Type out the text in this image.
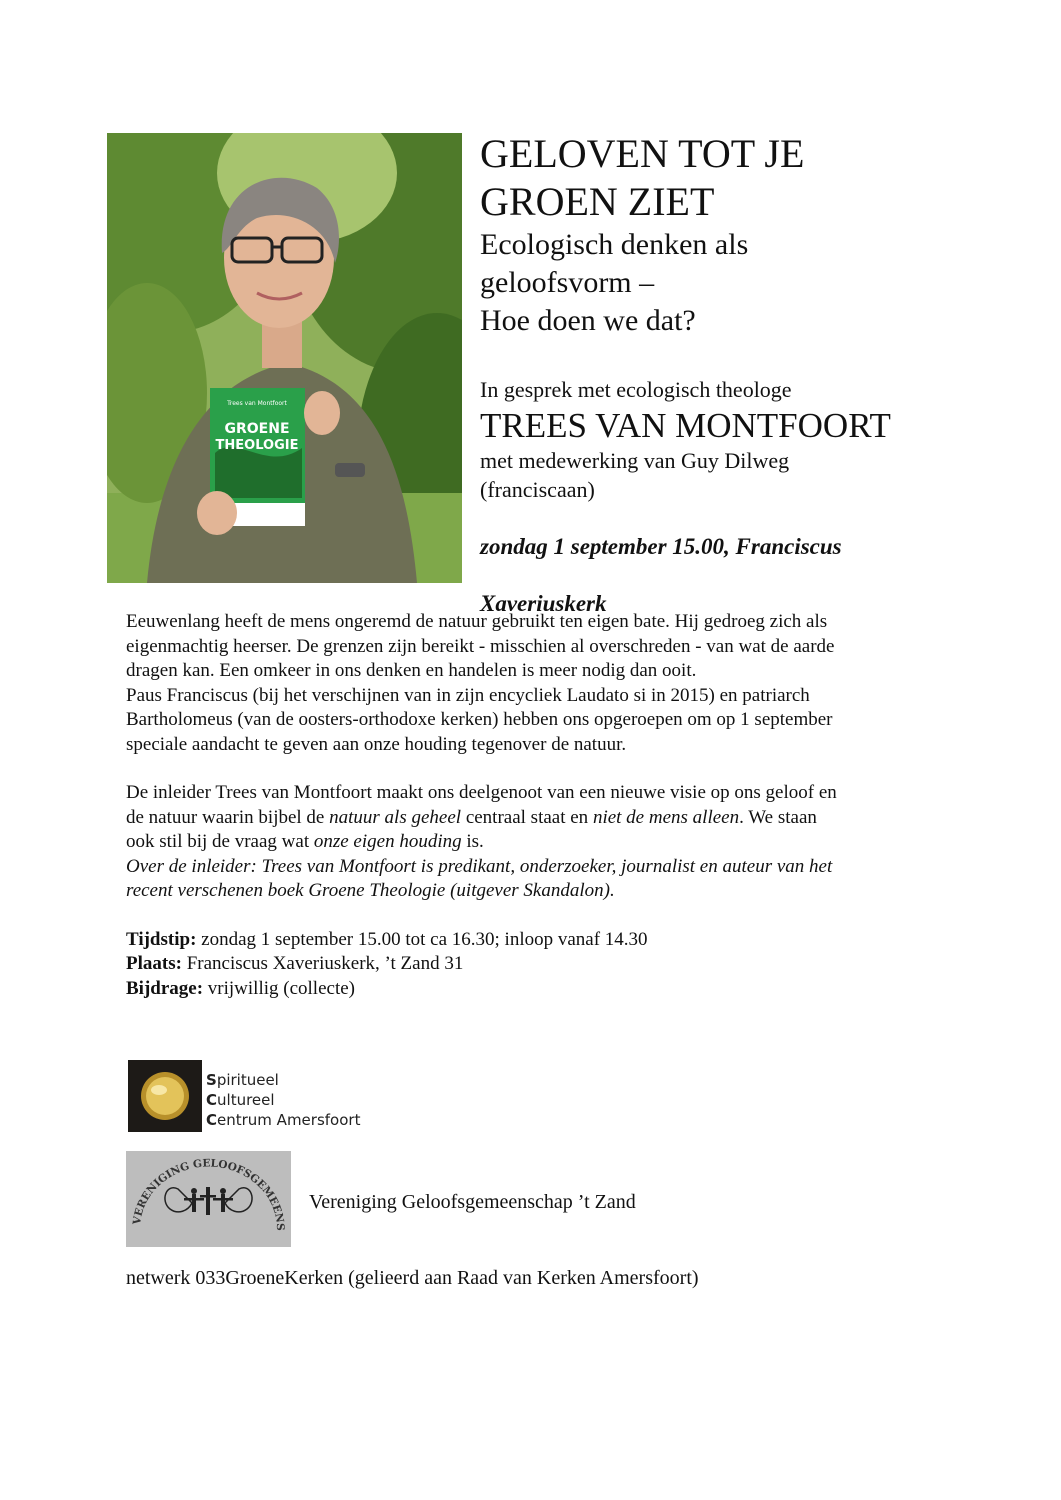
GROENE
THEOLOGIE
Trees van Montfoort
GELOVEN TOT JE
GROEN ZIET
Ecologisch denken als
geloofsvorm –
Hoe doen we dat?
In gesprek met ecologisch theologe
TREES VAN MONTFOORT
met medewerking van Guy Dilweg
(franciscaan)
zondag 1 september 15.00, Franciscus
Xaveriuskerk

Eeuwenlang heeft de mens ongeremd de natuur gebruikt ten eigen bate. Hij gedroeg zich als

eigenmachtig heerser. De grenzen zijn bereikt - misschien al overschreden - van wat de aarde

dragen kan. Een omkeer in ons denken en handelen is meer nodig dan ooit.

Paus Franciscus (bij het verschijnen van in zijn encycliek Laudato si in 2015) en patriarch

Bartholomeus (van de oosters-orthodoxe kerken) hebben ons opgeroepen om op 1 september

speciale aandacht te geven aan onze houding tegenover de natuur.

De inleider Trees van Montfoort maakt ons deelgenoot van een nieuwe visie op ons geloof en

de natuur waarin bijbel de natuur als geheel centraal staat en niet de mens alleen. We staan

ook stil bij de vraag wat onze eigen houding is.

Over de inleider: Trees van Montfoort is predikant, onderzoeker, journalist en auteur van het

recent verschenen boek Groene Theologie (uitgever Skandalon).

Tijdstip: zondag 1 september 15.00 tot ca 16.30; inloop vanaf 14.30

Plaats: Franciscus Xaveriuskerk, ’t Zand 31

Bijdrage: vrijwillig (collecte)

Spiritueel
Cultureel
Centrum Amersfoort
VERENIGING GELOOFSGEMEENS
Vereniging Geloofsgemeenschap ’t Zand
netwerk 033GroeneKerken (gelieerd aan Raad van Kerken Amersfoort)
